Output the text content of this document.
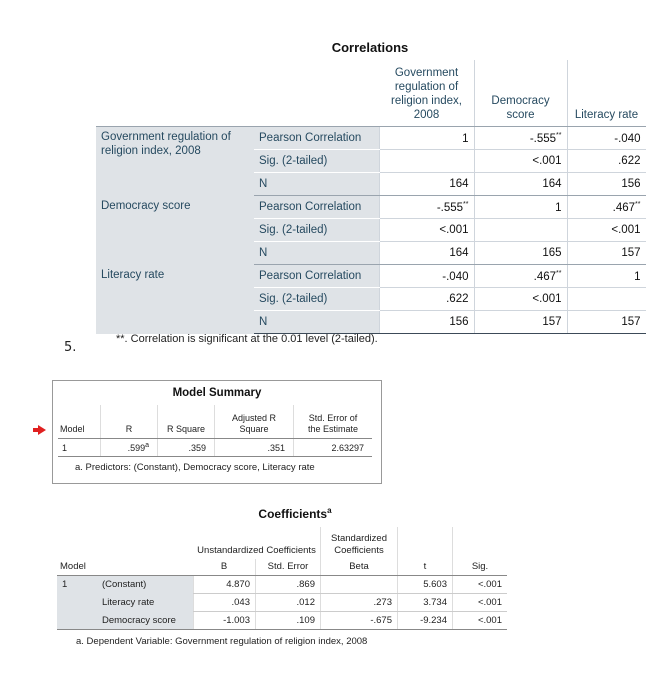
Correlations
		Government
regulation of
religion index,
2008	Democracy
score	Literacy rate
Government regulation of
religion index, 2008	Pearson Correlation	1	-.555**	-.040
	Sig. (2-tailed)		<.001	.622
	N	164	164	156
Democracy score	Pearson Correlation	-.555**	1	.467**
	Sig. (2-tailed)	<.001		<.001
	N	164	165	157
Literacy rate	Pearson Correlation	-.040	.467**	1
	Sig. (2-tailed)	.622	<.001	
	N	156	157	157
**. Correlation is significant at the 0.01 level (2-tailed).
5.
Model Summary
Model	R	R Square	Adjusted R
Square	Std. Error of
the Estimate
1	.599$^a$	.359	.351	2.63297
a. Predictors: (Constant), Democracy score, Literacy rate
Coefficients$^a$
		Unstandardized Coefficients		Standardized
Coefficients		
Model		B	Std. Error	Beta	t	Sig.
1	(Constant)	4.870	.869		5.603	<.001
	Literacy rate	.043	.012	.273	3.734	<.001
	Democracy score	-1.003	.109	-.675	-9.234	<.001
a. Dependent Variable: Government regulation of religion index, 2008
